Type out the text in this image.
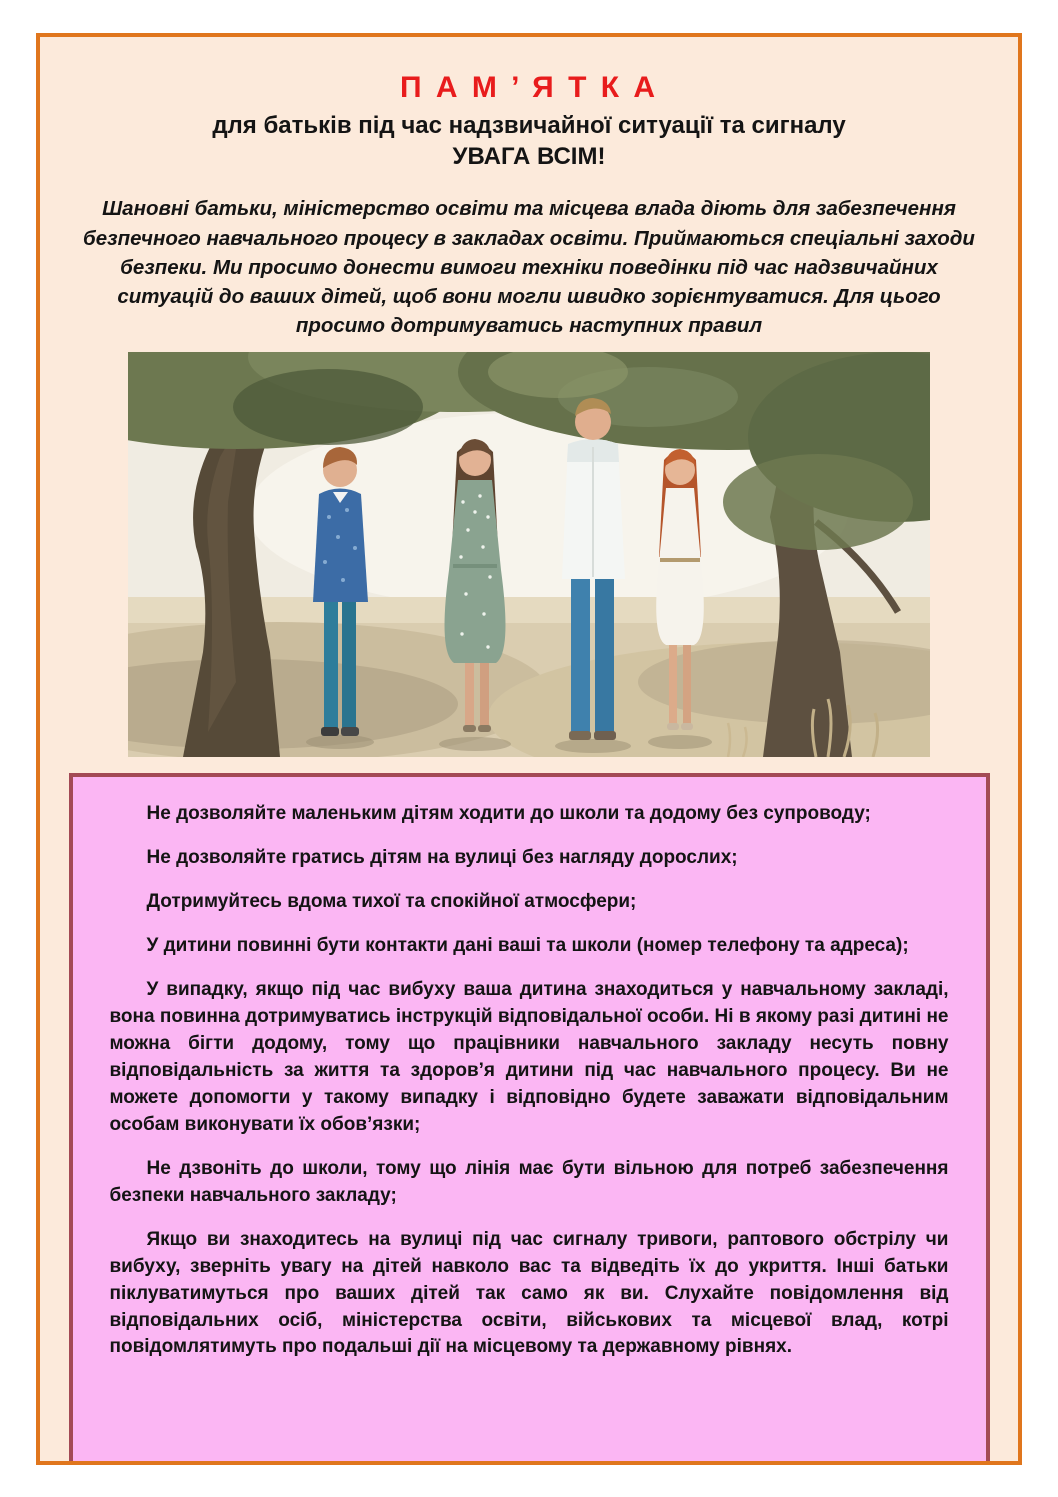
П А М ’ Я Т К А
для батьків під час надзвичайної ситуації та сигналу
УВАГА ВСІМ!

Шановні батьки, міністерство освіти та місцева влада діють для забезпечення безпечного навчального процесу в закладах освіти. Приймаються спеціальні заходи безпеки. Ми просимо донести вимоги техніки поведінки під час надзвичайних ситуацій до ваших дітей, щоб вони могли швидко зорієнтуватися. Для цього просимо дотримуватись наступних правил

Не дозволяйте маленьким дітям ходити до школи та додому без супроводу;

Не дозволяйте гратись дітям на вулиці без нагляду дорослих;

Дотримуйтесь вдома тихої та спокійної атмосфери;

У дитини повинні бути контакти дані ваші та школи (номер телефону та адреса);

У випадку, якщо під час вибуху ваша дитина знаходиться у навчальному закладі, вона повинна дотримуватись інструкцій відповідальної особи. Ні в якому разі дитині не можна бігти додому, тому що працівники навчального закладу несуть повну відповідальність за життя та здоров’я дитини під час навчального процесу. Ви не можете допомогти у такому випадку і відповідно будете заважати відповідальним особам виконувати їх обов’язки;

Не дзвоніть до школи, тому що лінія має бути вільною для потреб забезпечення безпеки навчального закладу;

Якщо ви знаходитесь на вулиці під час сигналу тривоги, раптового обстрілу чи вибуху, зверніть увагу на дітей навколо вас та відведіть їх до укриття. Інші батьки піклуватимуться про ваших дітей так само як ви. Слухайте повідомлення від відповідальних осіб, міністерства освіти, військових та місцевої влад, котрі повідомлятимуть про подальші дії на місцевому та державному рівнях.
